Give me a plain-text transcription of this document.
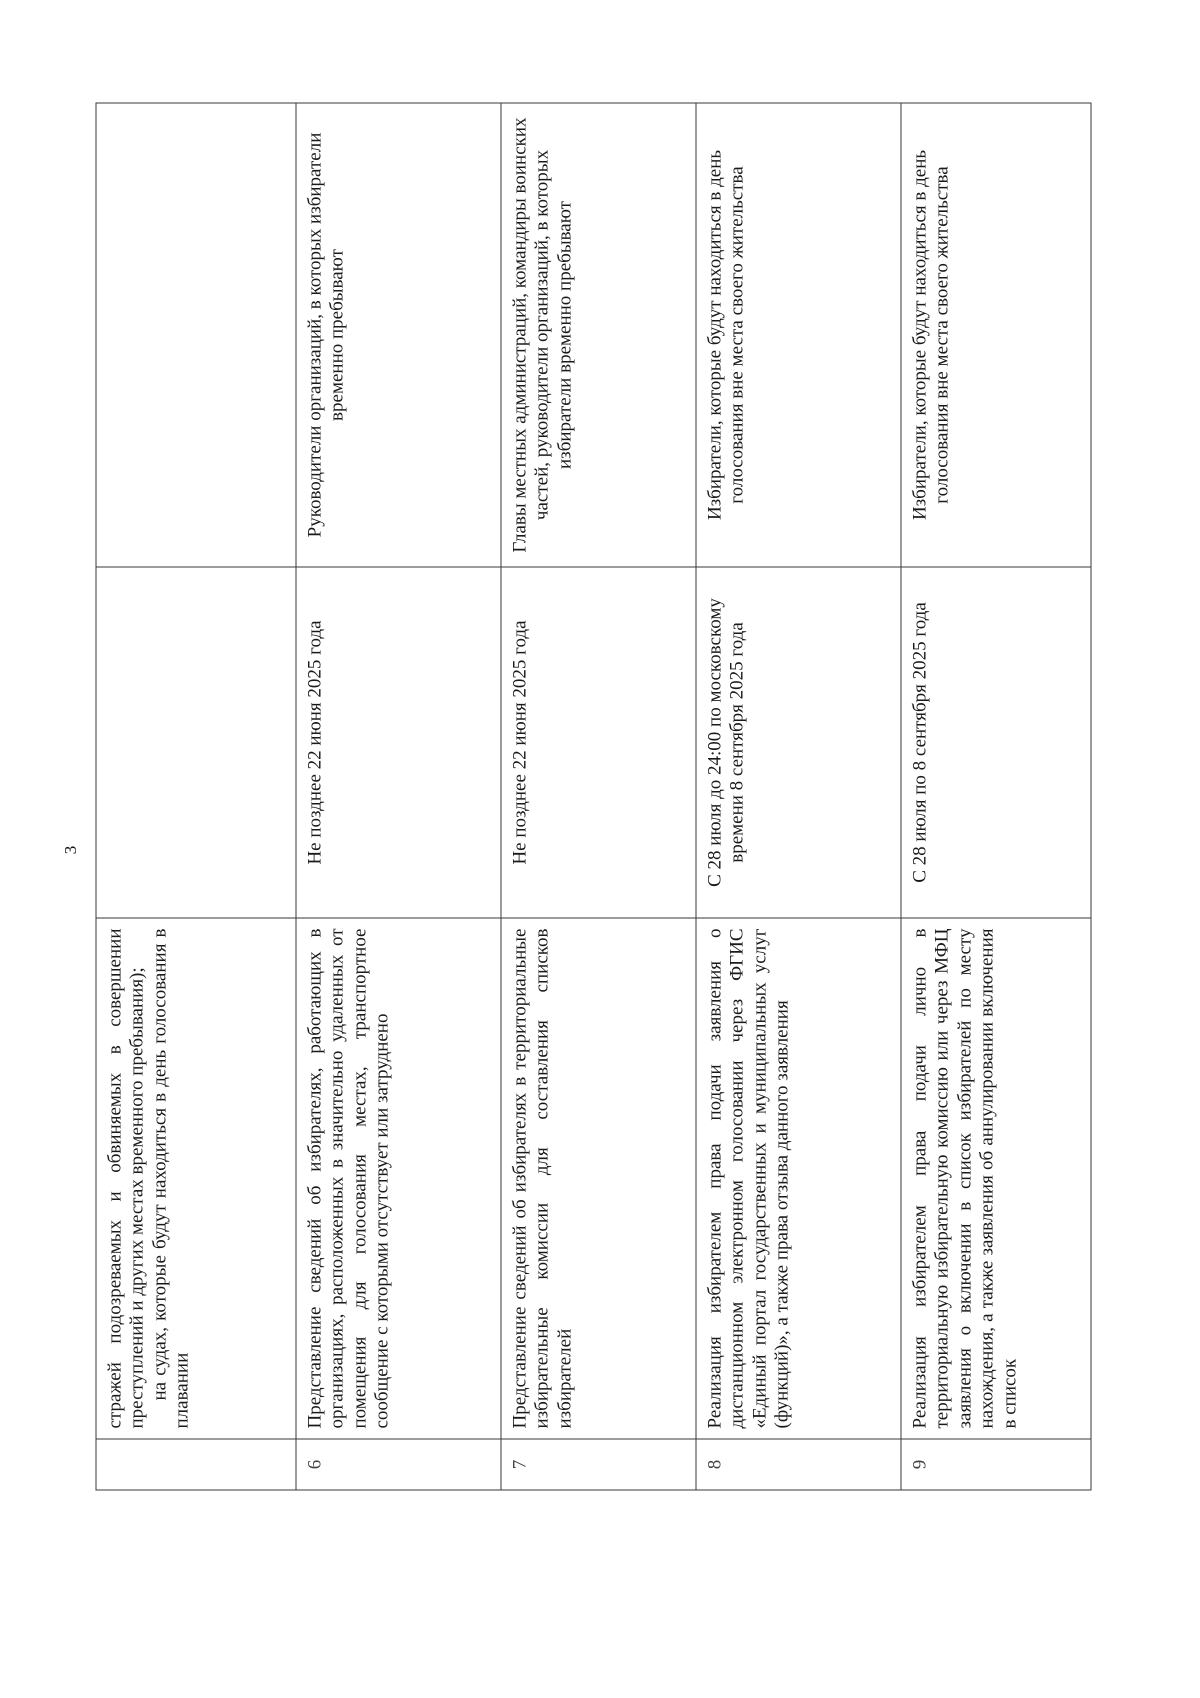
3
	стражей подозреваемых и обвиняемых в совершении преступлений и других местах временного пребывания); на судах, которые будут находиться в день голосования в плавании		

6	Представление сведений об избирателях, работающих в организациях, расположенных в значительно удаленных от помещения для голосования местах, транспортное сообщение с которыми отсутствует или затруднено	Не позднее 22 июня 2025 года	Руководители организаций, в которых избиратели временно пребывают
7	Представление сведений об избирателях в территориальные избирательные комиссии для составления списков избирателей	Не позднее 22 июня 2025 года	Главы местных администраций, командиры воинских частей, руководители организаций, в которых избиратели временно пребывают
8	Реализация избирателем права подачи заявления о дистанционном электронном голосовании через ФГИС «Единый портал государственных и муниципальных услуг (функций)», а также права отзыва данного заявления	С 28 июля до 24:00 по московскому времени 8 сентября 2025 года	Избиратели, которые будут находиться в день голосования вне места своего жительства
9	Реализация избирателем права подачи лично в территориальную избирательную комиссию или через МФЦ заявления о включении в список избирателей по месту нахождения, а также заявления об аннулировании включения в список	С 28 июля по 8 сентября 2025 года	Избиратели, которые будут находиться в день голосования вне места своего жительства
